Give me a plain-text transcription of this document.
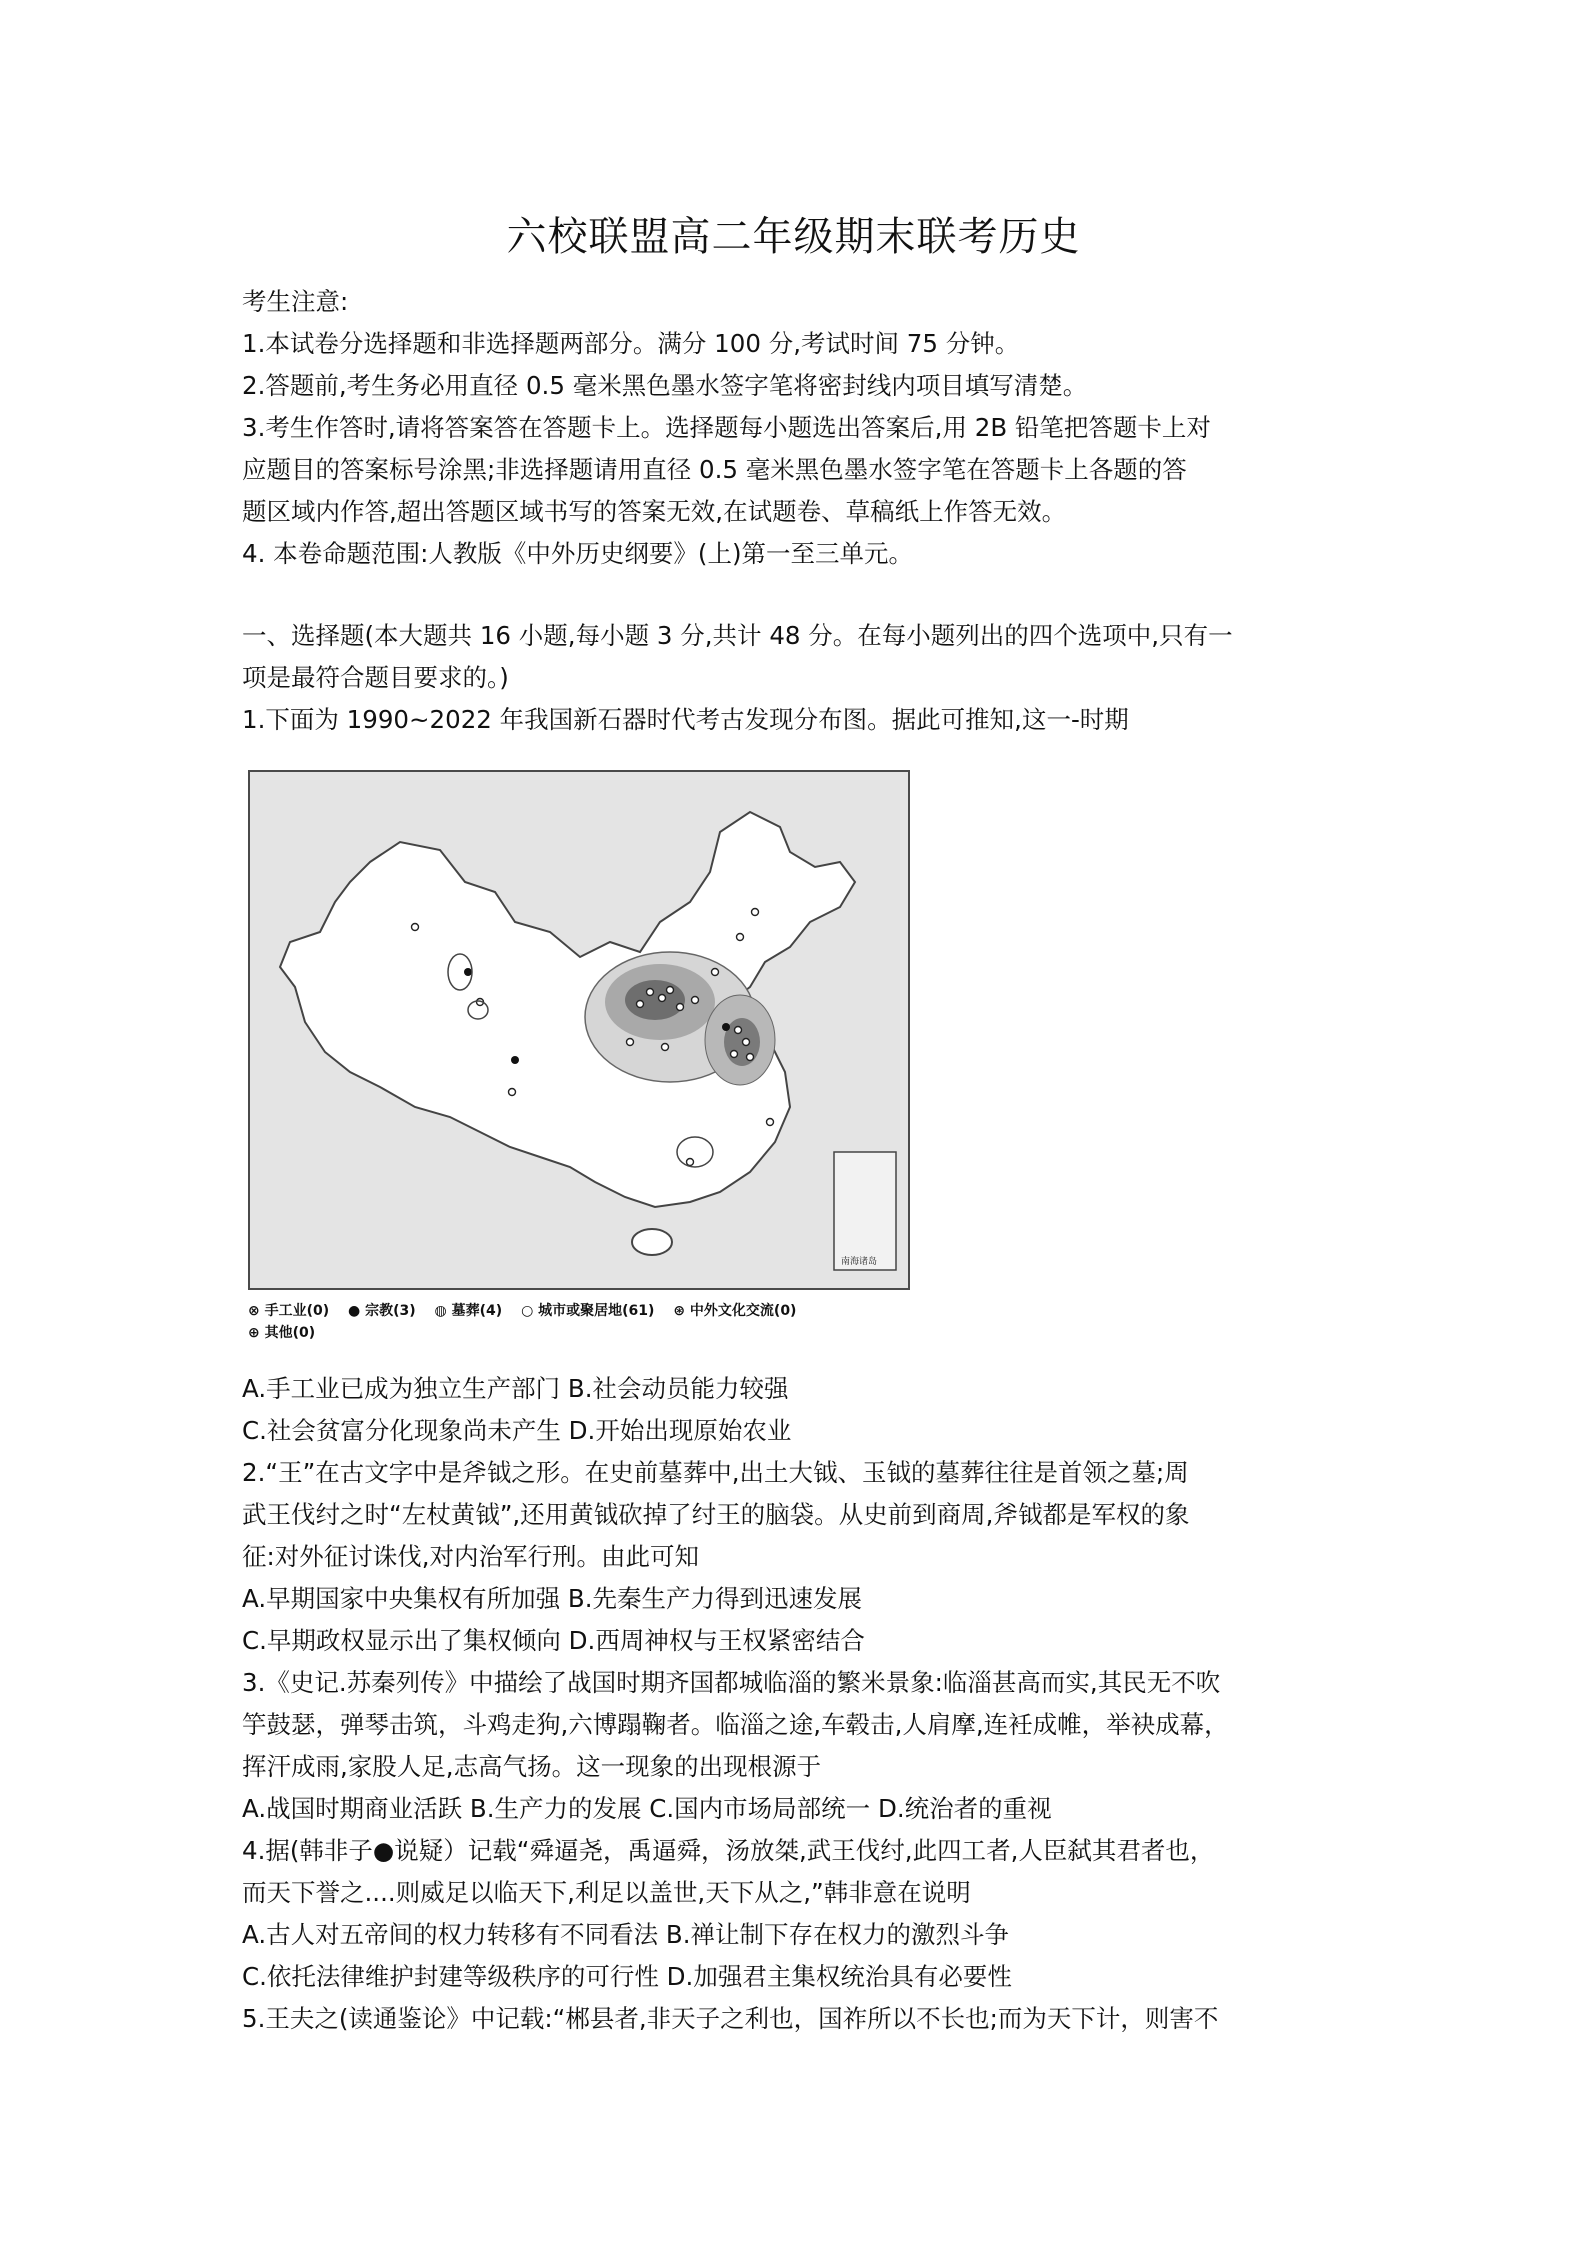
六校联盟高二年级期末联考历史
考生注意:
1.本试卷分选择题和非选择题两部分。满分 100 分,考试时间 75 分钟。
2.答题前,考生务必用直径 0.5 毫米黑色墨水签字笔将密封线内项目填写清楚。
3.考生作答时,请将答案答在答题卡上。选择题每小题选出答案后,用 2B 铅笔把答题卡上对
应题目的答案标号涂黑;非选择题请用直径 0.5 毫米黑色墨水签字笔在答题卡上各题的答
题区域内作答,超出答题区域书写的答案无效,在试题卷、草稿纸上作答无效。
4. 本卷命题范围:人教版《中外历史纲要》(上)第一至三单元。
一、选择题(本大题共 16 小题,每小题 3 分,共计 48 分。在每小题列出的四个选项中,只有一
项是最符合题目要求的。)
1.下面为 1990~2022 年我国新石器时代考古发现分布图。据此可推知,这一-时期
南海诸岛
⊗ 手工业(0) ● 宗教(3) ◍ 墓葬(4) ○ 城市或聚居地(61) ⊛ 中外文化交流(0)
⊕ 其他(0)
A.手工业已成为独立生产部门 B.社会动员能力较强
C.社会贫富分化现象尚未产生 D.开始出现原始农业
2.“王”在古文字中是斧钺之形。在史前墓葬中,出土大钺、玉钺的墓葬往往是首领之墓;周
武王伐纣之时“左杖黄钺”,还用黄钺砍掉了纣王的脑袋。从史前到商周,斧钺都是军权的象
征:对外征讨诛伐,对内治军行刑。由此可知
A.早期国家中央集权有所加强 B.先秦生产力得到迅速发展
C.早期政权显示出了集权倾向 D.西周神权与王权紧密结合
3.《史记.苏秦列传》中描绘了战国时期齐国都城临淄的繁米景象:临淄甚高而实,其民无不吹
竽鼓瑟，弹琴击筑，斗鸡走狗,六博蹋鞠者。临淄之途,车毂击,人肩摩,连衽成帷，举袂成幕，
挥汗成雨,家股人足,志高气扬。这一现象的出现根源于
A.战国时期商业活跃 B.生产力的发展 C.国内市场局部统一 D.统治者的重视
4.据(韩非子●说疑）记载“舜逼尧，禹逼舜，汤放桀,武王伐纣,此四工者,人臣弑其君者也，
而天下誉之....则威足以临天下,利足以盖世,天下从之,”韩非意在说明
A.古人对五帝间的权力转移有不同看法 B.禅让制下存在权力的激烈斗争
C.依托法律维护封建等级秩序的可行性 D.加强君主集权统治具有必要性
5.王夫之(读通鉴论》中记载:“郴县者,非天子之利也，国祚所以不长也;而为天下计，则害不
